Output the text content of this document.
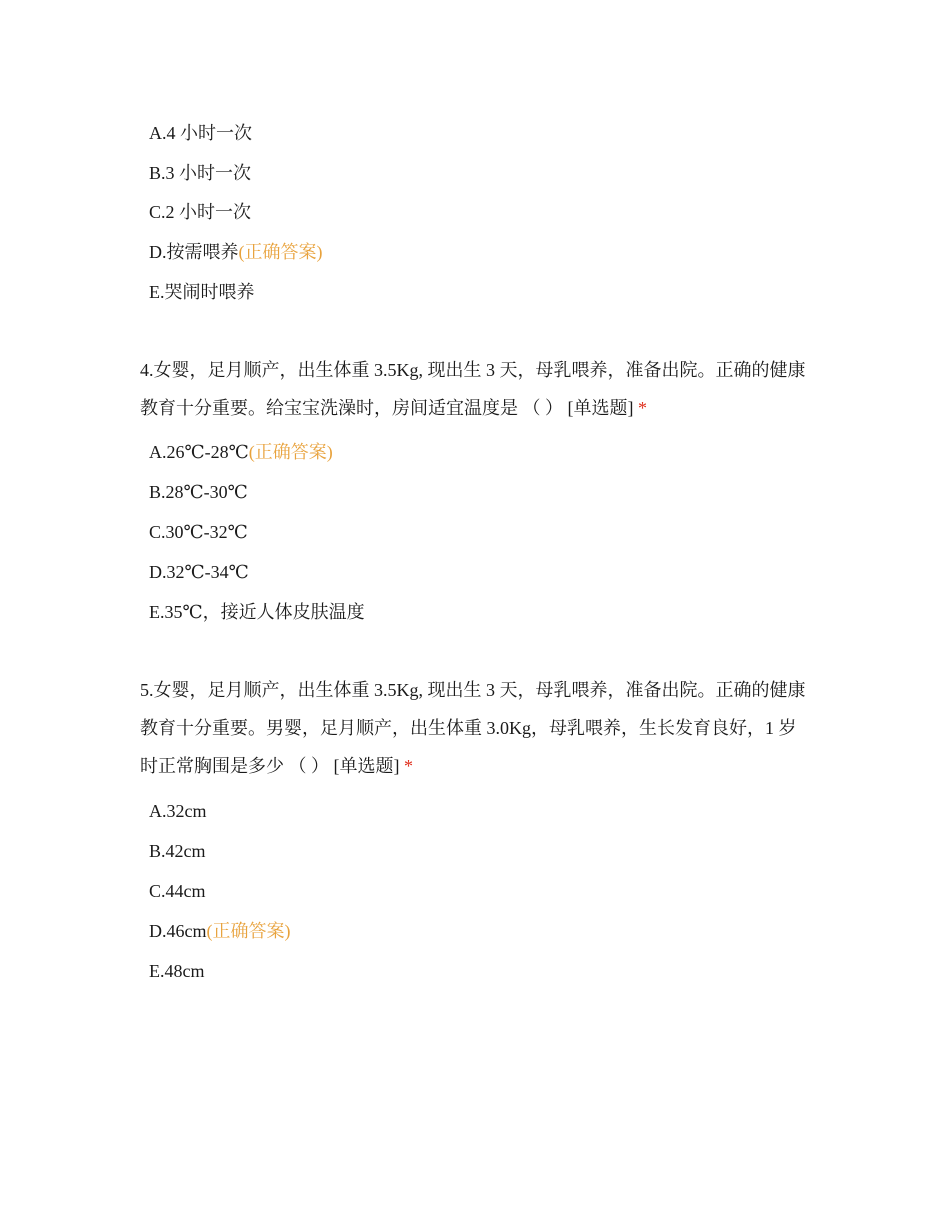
A.4 小时一次
B.3 小时一次
C.2 小时一次
D.按需喂养(正确答案)
E.哭闹时喂养
4.女婴，足月顺产，出生体重 3.5Kg, 现出生 3 天，母乳喂养，准备出院。正确的健康教育十分重要。给宝宝洗澡时，房间适宜温度是 （ ） [单选题] *
A.26℃-28℃(正确答案)
B.28℃-30℃
C.30℃-32℃
D.32℃-34℃
E.35℃，接近人体皮肤温度
5.女婴，足月顺产，出生体重 3.5Kg, 现出生 3 天，母乳喂养，准备出院。正确的健康教育十分重要。男婴，足月顺产，出生体重 3.0Kg，母乳喂养，生长发育良好，1 岁时正常胸围是多少 （ ） [单选题] *
A.32cm
B.42cm
C.44cm
D.46cm(正确答案)
E.48cm
